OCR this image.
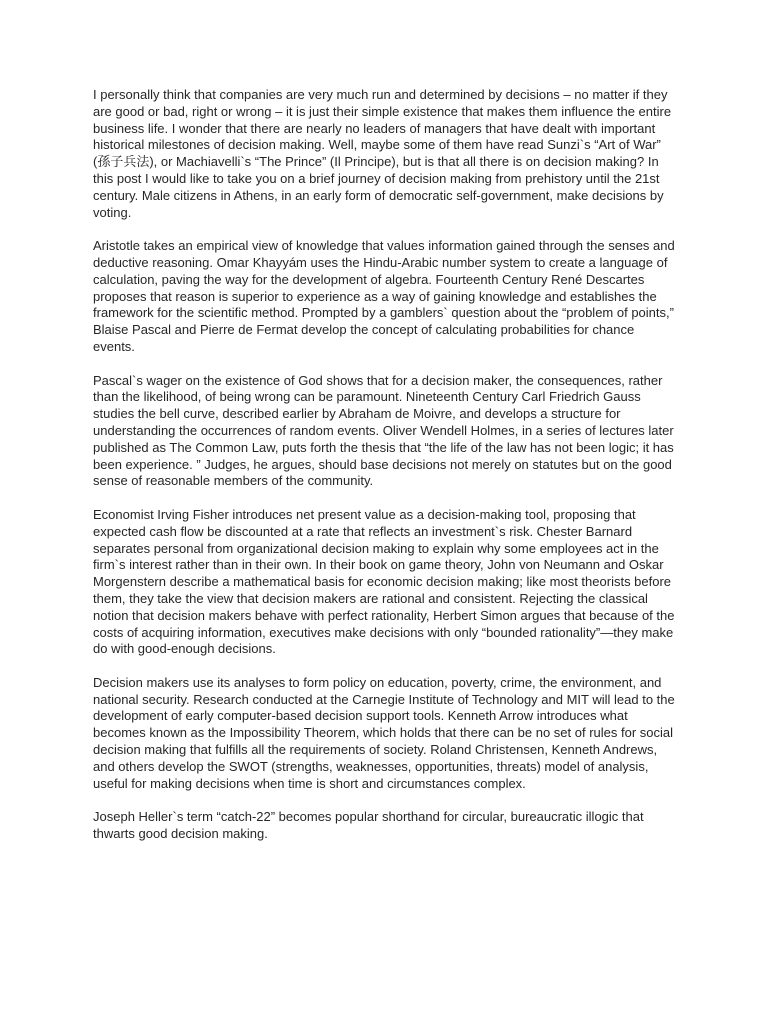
I personally think that companies are very much run and determined by decisions – no matter if they are good or bad, right or wrong – it is just their simple existence that makes them influence the entire business life. I wonder that there are nearly no leaders of managers that have dealt with important historical milestones of decision making. Well, maybe some of them have read Sunzi`s “Art of War” (孫子兵法), or Machiavelli`s “The Prince” (Il Principe), but is that all there is on decision making? In this post I would like to take you on a brief journey of decision making from prehistory until the 21st century. Male citizens in Athens, in an early form of democratic self-government, make decisions by voting.

Aristotle takes an empirical view of knowledge that values information gained through the senses and deductive reasoning. Omar Khayyám uses the Hindu-Arabic number system to create a language of calculation, paving the way for the development of algebra. Fourteenth Century René Descartes proposes that reason is superior to experience as a way of gaining knowledge and establishes the framework for the scientific method. Prompted by a gamblers` question about the “problem of points,” Blaise Pascal and Pierre de Fermat develop the concept of calculating probabilities for chance events.

Pascal`s wager on the existence of God shows that for a decision maker, the consequences, rather than the likelihood, of being wrong can be paramount. Nineteenth Century Carl Friedrich Gauss studies the bell curve, described earlier by Abraham de Moivre, and develops a structure for understanding the occurrences of random events. Oliver Wendell Holmes, in a series of lectures later published as The Common Law, puts forth the thesis that “the life of the law has not been logic; it has been experience. ” Judges, he argues, should base decisions not merely on statutes but on the good sense of reasonable members of the community.

Economist Irving Fisher introduces net present value as a decision-making tool, proposing that expected cash flow be discounted at a rate that reflects an investment`s risk. Chester Barnard separates personal from organizational decision making to explain why some employees act in the firm`s interest rather than in their own. In their book on game theory, John von Neumann and Oskar Morgenstern describe a mathematical basis for economic decision making; like most theorists before them, they take the view that decision makers are rational and consistent. Rejecting the classical notion that decision makers behave with perfect rationality, Herbert Simon argues that because of the costs of acquiring information, executives make decisions with only “bounded rationality”—they make do with good-enough decisions.

Decision makers use its analyses to form policy on education, poverty, crime, the environment, and national security. Research conducted at the Carnegie Institute of Technology and MIT will lead to the development of early computer-based decision support tools. Kenneth Arrow introduces what becomes known as the Impossibility Theorem, which holds that there can be no set of rules for social decision making that fulfills all the requirements of society. Roland Christensen, Kenneth Andrews, and others develop the SWOT (strengths, weaknesses, opportunities, threats) model of analysis, useful for making decisions when time is short and circumstances complex.

Joseph Heller`s term “catch-22” becomes popular shorthand for circular, bureaucratic illogic that thwarts good decision making.
